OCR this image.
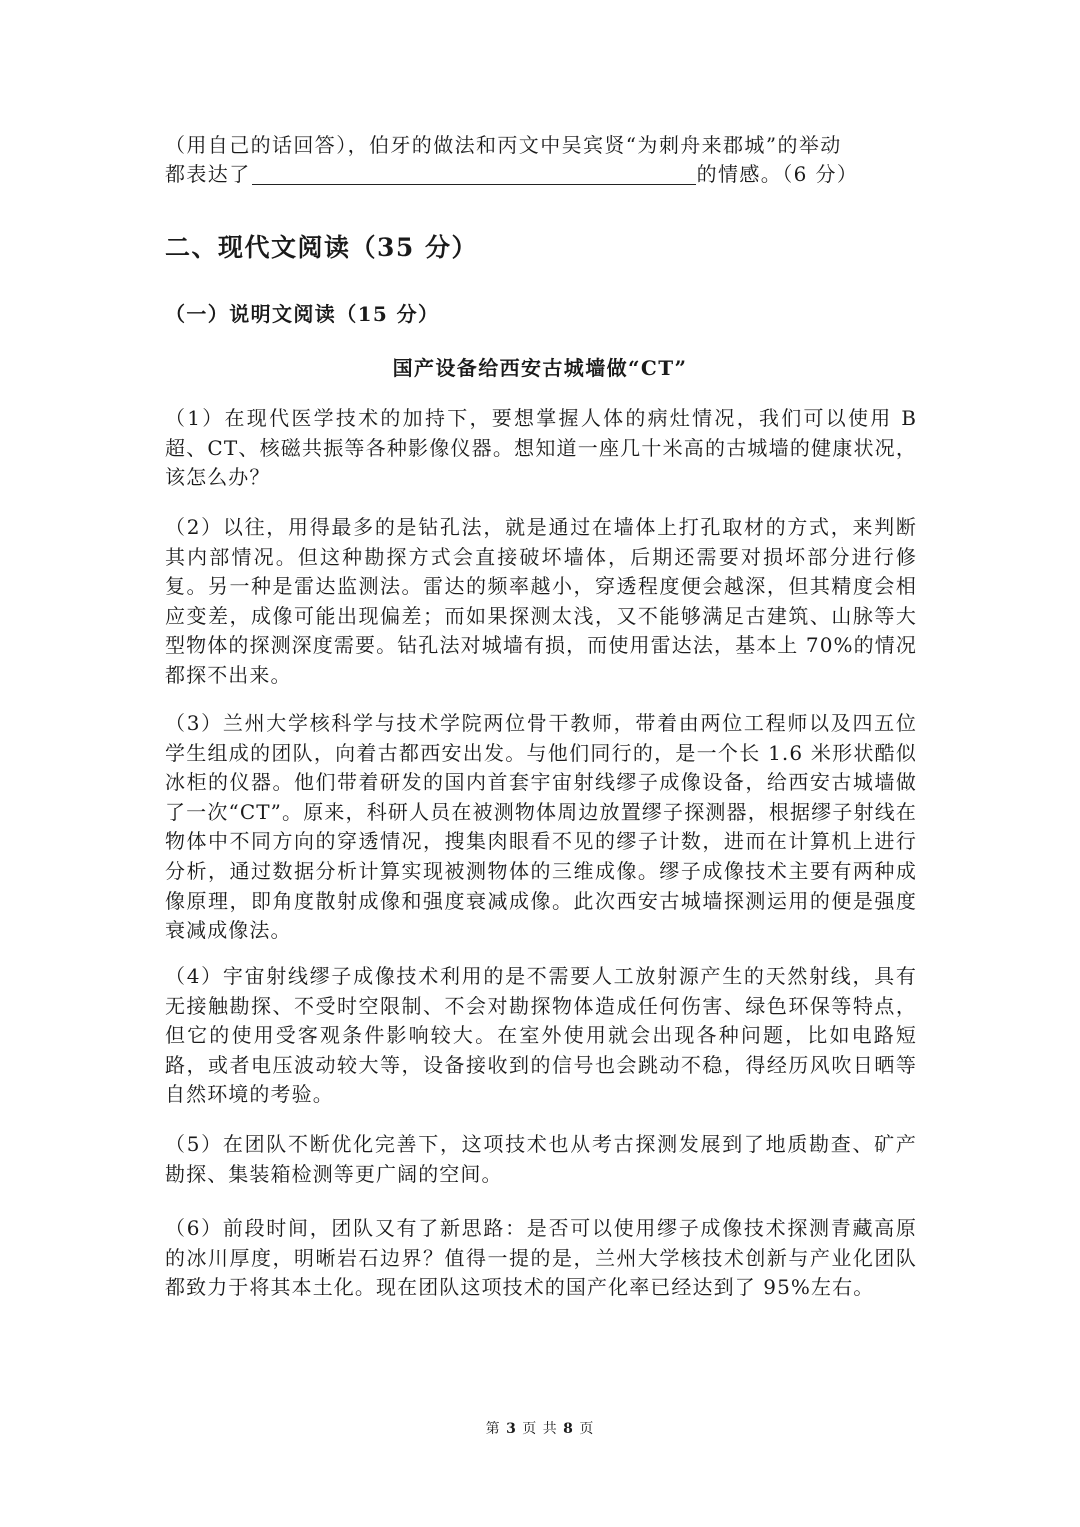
（用自己的话回答），伯牙的做法和丙文中吴宾贤“为刺舟来郡城”的举动
都表达了	的情感。（6 分）
二、现代文阅读（35 分）
（一）说明文阅读（15 分）
国产设备给西安古城墙做“CT”
（1）在现代医学技术的加持下，要想掌握人体的病灶情况，我们可以使用 B 超、CT、核磁共振等各种影像仪器。想知道一座几十米高的古城墙的健康状况，该怎么办？
（2）以往，用得最多的是钻孔法，就是通过在墙体上打孔取材的方式，来判断其内部情况。但这种勘探方式会直接破坏墙体，后期还需要对损坏部分进行修复。另一种是雷达监测法。雷达的频率越小，穿透程度便会越深，但其精度会相应变差，成像可能出现偏差；而如果探测太浅，又不能够满足古建筑、山脉等大型物体的探测深度需要。钻孔法对城墙有损，而使用雷达法，基本上 70%的情况都探不出来。
（3）兰州大学核科学与技术学院两位骨干教师，带着由两位工程师以及四五位学生组成的团队，向着古都西安出发。与他们同行的，是一个长 1.6 米形状酷似冰柜的仪器。他们带着研发的国内首套宇宙射线缪子成像设备，给西安古城墙做了一次“CT”。原来，科研人员在被测物体周边放置缪子探测器，根据缪子射线在物体中不同方向的穿透情况，搜集肉眼看不见的缪子计数，进而在计算机上进行分析，通过数据分析计算实现被测物体的三维成像。缪子成像技术主要有两种成像原理，即角度散射成像和强度衰减成像。此次西安古城墙探测运用的便是强度衰减成像法。
（4）宇宙射线缪子成像技术利用的是不需要人工放射源产生的天然射线，具有无接触勘探、不受时空限制、不会对勘探物体造成任何伤害、绿色环保等特点，但它的使用受客观条件影响较大。在室外使用就会出现各种问题，比如电路短路，或者电压波动较大等，设备接收到的信号也会跳动不稳，得经历风吹日晒等自然环境的考验。
（5）在团队不断优化完善下，这项技术也从考古探测发展到了地质勘查、矿产勘探、集装箱检测等更广阔的空间。
（6）前段时间，团队又有了新思路：是否可以使用缪子成像技术探测青藏高原的冰川厚度，明晰岩石边界？值得一提的是，兰州大学核技术创新与产业化团队都致力于将其本土化。现在团队这项技术的国产化率已经达到了 95%左右。
第 3 页 共 8 页
